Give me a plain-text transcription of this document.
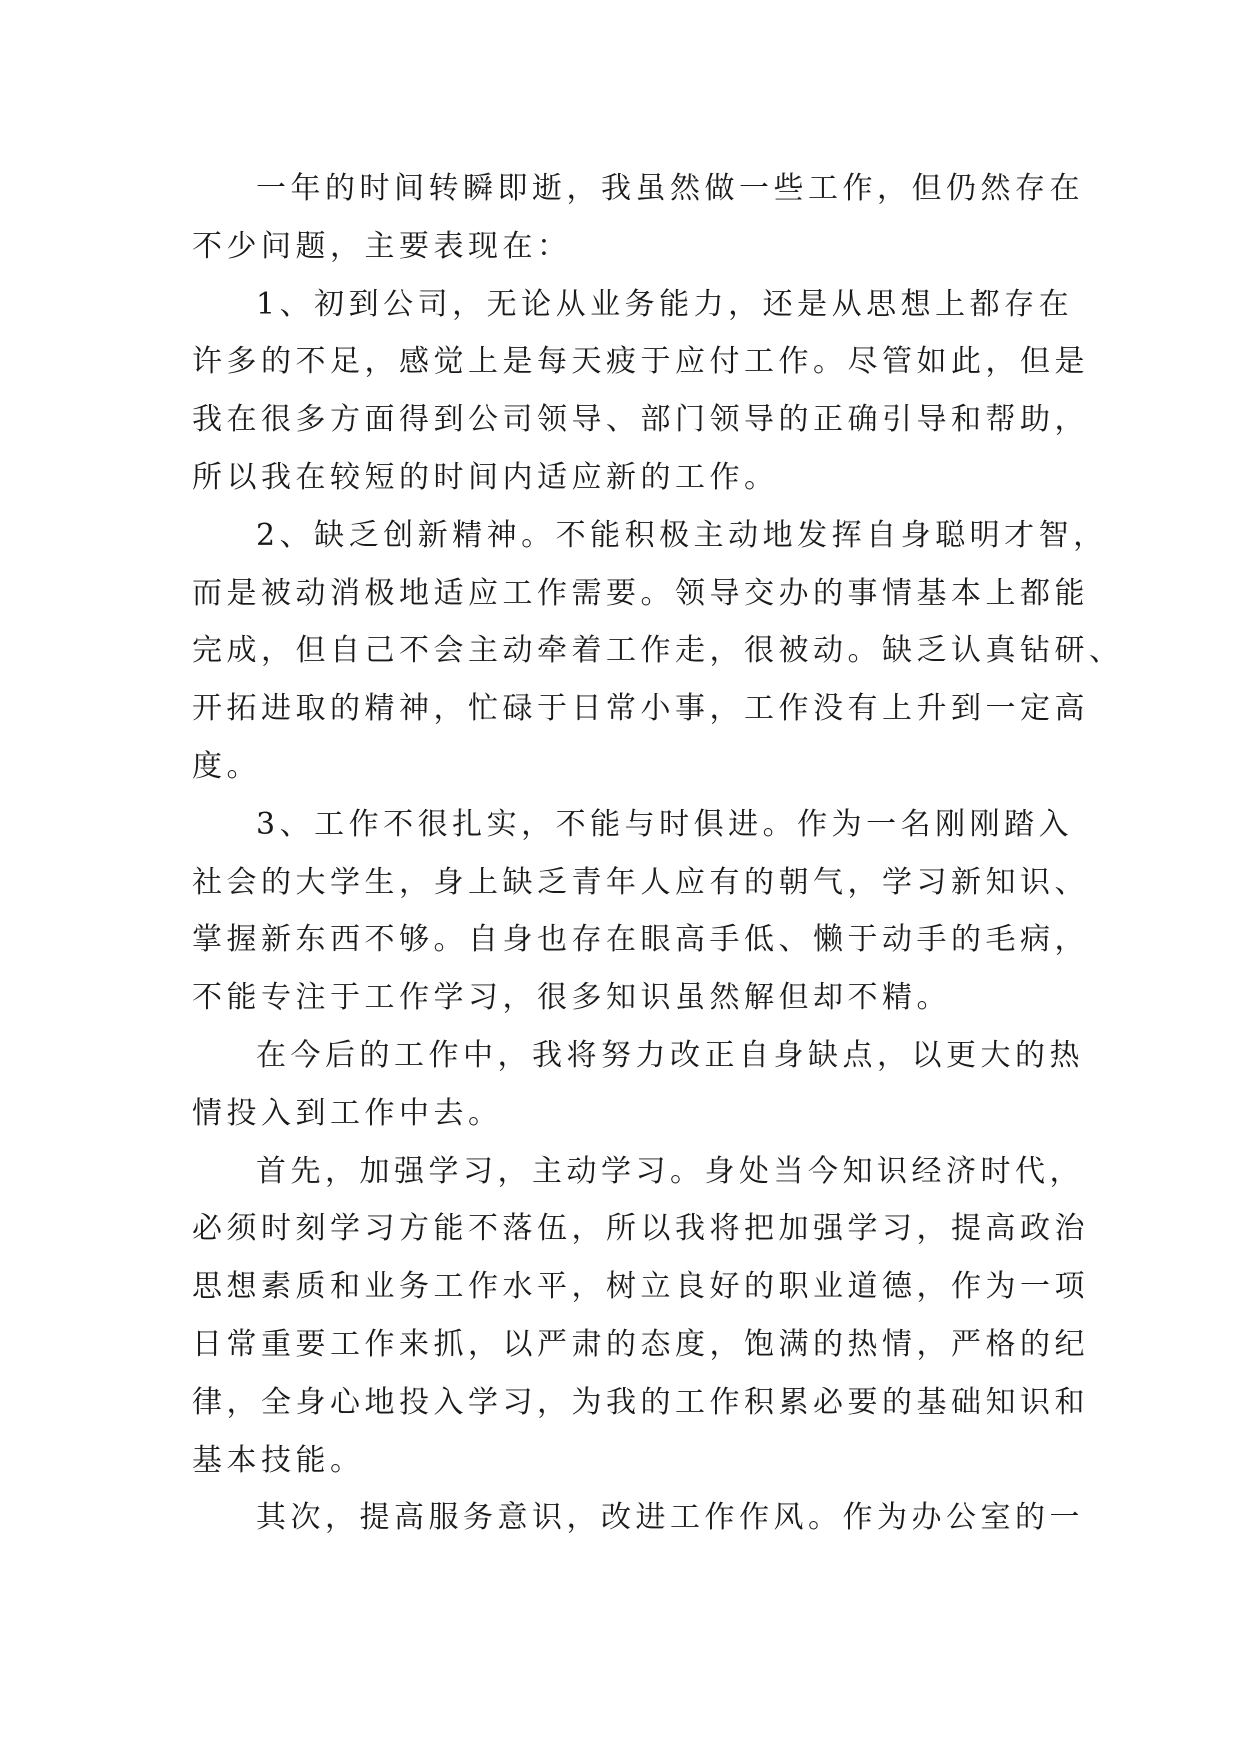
一年的时间转瞬即逝，我虽然做一些工作，但仍然存在
不少问题，主要表现在：
1、初到公司，无论从业务能力，还是从思想上都存在
许多的不足，感觉上是每天疲于应付工作。尽管如此，但是
我在很多方面得到公司领导、部门领导的正确引导和帮助，
所以我在较短的时间内适应新的工作。
2、缺乏创新精神。不能积极主动地发挥自身聪明才智，
而是被动消极地适应工作需要。领导交办的事情基本上都能
完成，但自己不会主动牵着工作走，很被动。缺乏认真钻研、
开拓进取的精神，忙碌于日常小事，工作没有上升到一定高
度。
3、工作不很扎实，不能与时俱进。作为一名刚刚踏入
社会的大学生，身上缺乏青年人应有的朝气，学习新知识、
掌握新东西不够。自身也存在眼高手低、懒于动手的毛病，
不能专注于工作学习，很多知识虽然解但却不精。
在今后的工作中，我将努力改正自身缺点，以更大的热
情投入到工作中去。
首先，加强学习，主动学习。身处当今知识经济时代，
必须时刻学习方能不落伍，所以我将把加强学习，提高政治
思想素质和业务工作水平，树立良好的职业道德，作为一项
日常重要工作来抓，以严肃的态度，饱满的热情，严格的纪
律，全身心地投入学习，为我的工作积累必要的基础知识和
基本技能。
其次，提高服务意识，改进工作作风。作为办公室的一
